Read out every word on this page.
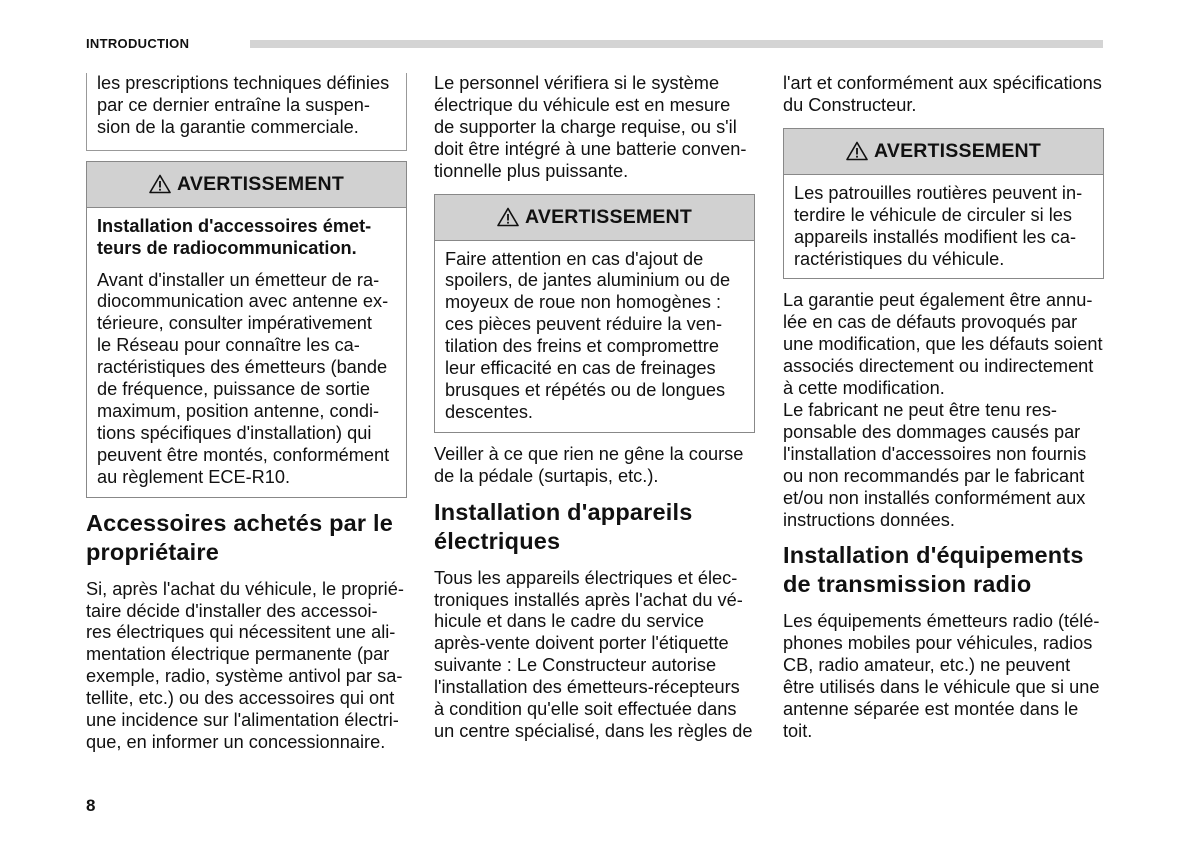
INTRODUCTION

les prescriptions techniques définies
par ce dernier entraîne la suspen-
sion de la garantie commerciale.

AVERTISSEMENT

Installation d'accessoires émet-
teurs de radiocommunication.

Avant d'installer un émetteur de ra-
diocommunication avec antenne ex-
térieure, consulter impérativement
le Réseau pour connaître les ca-
ractéristiques des émetteurs (bande
de fréquence, puissance de sortie
maximum, position antenne, condi-
tions spécifiques d'installation) qui
peuvent être montés, conformément
au règlement ECE-R10.

Accessoires achetés par le
propriétaire

Si, après l'achat du véhicule, le proprié-
taire décide d'installer des accessoi-
res électriques qui nécessitent une ali-
mentation électrique permanente (par
exemple, radio, système antivol par sa-
tellite, etc.) ou des accessoires qui ont
une incidence sur l'alimentation électri-
que, en informer un concessionnaire.

Le personnel vérifiera si le système
électrique du véhicule est en mesure
de supporter la charge requise, ou s'il
doit être intégré à une batterie conven-
tionnelle plus puissante.

AVERTISSEMENT

Faire attention en cas d'ajout de
spoilers, de jantes aluminium ou de
moyeux de roue non homogènes :
ces pièces peuvent réduire la ven-
tilation des freins et compromettre
leur efficacité en cas de freinages
brusques et répétés ou de longues
descentes.

Veiller à ce que rien ne gêne la course
de la pédale (surtapis, etc.).

Installation d'appareils
électriques

Tous les appareils électriques et élec-
troniques installés après l'achat du vé-
hicule et dans le cadre du service
après-vente doivent porter l'étiquette
suivante : Le Constructeur autorise
l'installation des émetteurs-récepteurs
à condition qu'elle soit effectuée dans
un centre spécialisé, dans les règles de

l'art et conformément aux spécifications
du Constructeur.

AVERTISSEMENT

Les patrouilles routières peuvent in-
terdire le véhicule de circuler si les
appareils installés modifient les ca-
ractéristiques du véhicule.

La garantie peut également être annu-
lée en cas de défauts provoqués par
une modification, que les défauts soient
associés directement ou indirectement
à cette modification.
Le fabricant ne peut être tenu res-
ponsable des dommages causés par
l'installation d'accessoires non fournis
ou non recommandés par le fabricant
et/ou non installés conformément aux
instructions données.

Installation d'équipements
de transmission radio

Les équipements émetteurs radio (télé-
phones mobiles pour véhicules, radios
CB, radio amateur, etc.) ne peuvent
être utilisés dans le véhicule que si une
antenne séparée est montée dans le
toit.

8
